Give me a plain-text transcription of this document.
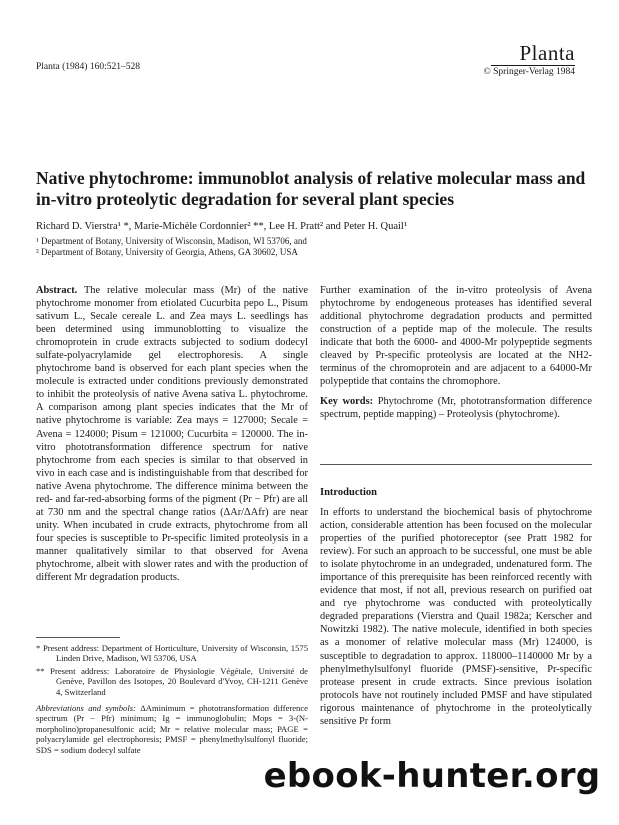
Planta (1984) 160:521–528
Planta
© Springer-Verlag 1984
Native phytochrome: immunoblot analysis of relative molecular mass and in-vitro proteolytic degradation for several plant species
Richard D. Vierstra¹ *, Marie-Michèle Cordonnier² **, Lee H. Pratt² and Peter H. Quail¹
¹ Department of Botany, University of Wisconsin, Madison, WI 53706, and
² Department of Botany, University of Georgia, Athens, GA 30602, USA

Abstract. The relative molecular mass (Mr) of the native phytochrome monomer from etiolated Cucurbita pepo L., Pisum sativum L., Secale cereale L. and Zea mays L. seedlings has been determined using immunoblotting to visualize the chromoprotein in crude extracts subjected to sodium dodecyl sulfate-polyacrylamide gel electrophoresis. A single phytochrome band is observed for each plant species when the molecule is extracted under conditions previously demonstrated to inhibit the proteolysis of native Avena sativa L. phytochrome. A comparison among plant species indicates that the Mr of native phytochrome is variable: Zea mays = 127000; Secale = Avena = 124000; Pisum = 121000; Cucurbita = 120000. The in-vitro phototransformation difference spectrum for native phytochrome from each species is similar to that observed in vivo in each case and is indistinguishable from that described for native Avena phytochrome. The difference minima between the red- and far-red-absorbing forms of the pigment (Pr − Pfr) are all at 730 nm and the spectral change ratios (ΔAr/ΔAfr) are near unity. When incubated in crude extracts, phytochrome from all four species is susceptible to Pr-specific limited proteolysis in a manner qualitatively similar to that observed for Avena phytochrome, albeit with slower rates and with the production of different Mr degradation products.

Further examination of the in-vitro proteolysis of Avena phytochrome by endogeneous proteases has identified several additional phytochrome degradation products and permitted construction of a peptide map of the molecule. The results indicate that both the 6000- and 4000-Mr polypeptide segments cleaved by Pr-specific proteolysis are located at the NH2-terminus of the chromoprotein and are adjacent to a 64000-Mr polypeptide that contains the chromophore.

Key words: Phytochrome (Mr, phototransformation difference spectrum, peptide mapping) – Proteolysis (phytochrome).

Introduction

In efforts to understand the biochemical basis of phytochrome action, considerable attention has been focused on the molecular properties of the purified photoreceptor (see Pratt 1982 for review). For such an approach to be successful, one must be able to isolate phytochrome in an undegraded, undenatured form. The importance of this prerequisite has been reinforced recently with evidence that most, if not all, previous research on purified oat and rye phytochrome was conducted with proteolytically degraded preparations (Vierstra and Quail 1982a; Kerscher and Nowitzki 1982). The native molecule, identified in both species as a monomer of relative molecular mass (Mr) 124000, is susceptible to degradation to approx. 118000–1140000 Mr by a phenylmethylsulfonyl fluoride (PMSF)-sensitive, Pr-specific protease present in crude extracts. Since previous isolation protocols have not routinely included PMSF and have stipulated rigorous maintenance of phytochrome in the proteolytically sensitive Pr form

* Present address: Department of Horticulture, University of Wisconsin, 1575 Linden Drive, Madison, WI 53706, USA

** Present address: Laboratoire de Physiologie Végétale, Université de Genève, Pavillon des Isotopes, 20 Boulevard d'Yvoy, CH-1211 Genève 4, Switzerland

Abbreviations and symbols: ΔAminimum = phototransformation difference spectrum (Pr − Pfr) minimum; Ig = immunoglobulin; Mops = 3-(N-morpholino)propanesulfonic acid; Mr = relative molecular mass; PAGE = polyacrylamide gel electrophoresis; PMSF = phenylmethylsulfonyl fluoride; SDS = sodium dodecyl sulfate

ebook-hunter.org
